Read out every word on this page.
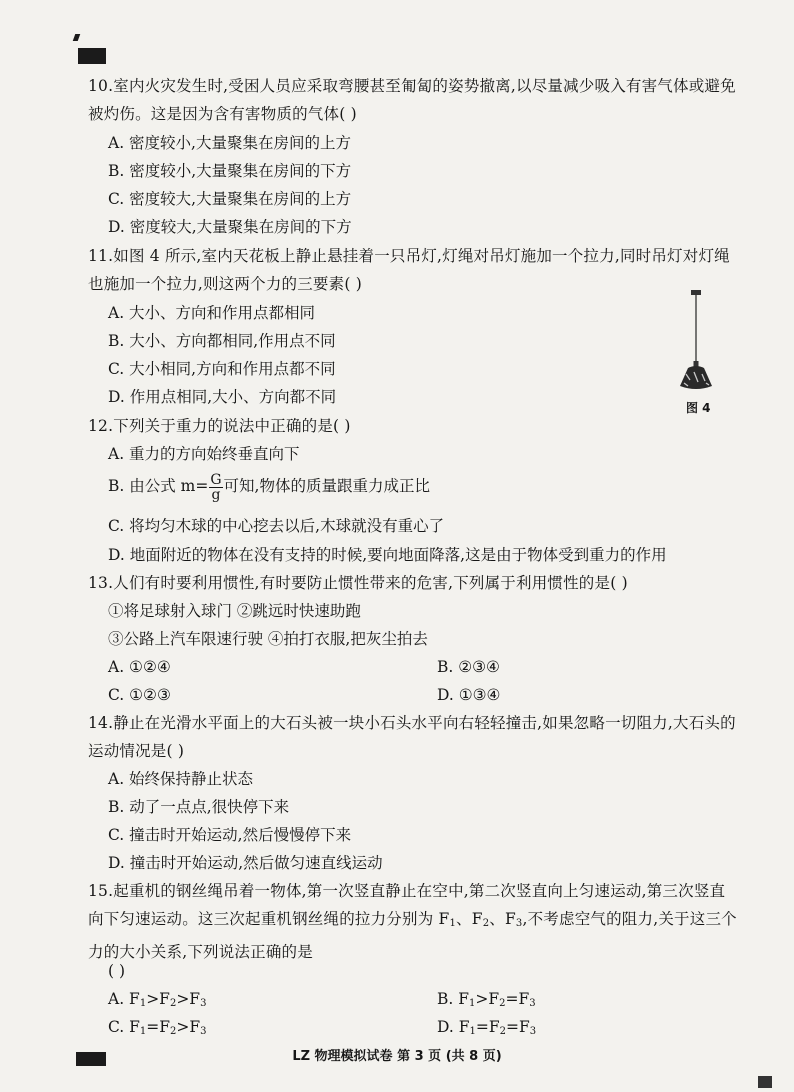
10.室内火灾发生时,受困人员应采取弯腰甚至匍匐的姿势撤离,以尽量减少吸入有害气体或避免
被灼伤。这是因为含有害物质的气体( )
A. 密度较小,大量聚集在房间的上方
B. 密度较小,大量聚集在房间的下方
C. 密度较大,大量聚集在房间的上方
D. 密度较大,大量聚集在房间的下方
11.如图 4 所示,室内天花板上静止悬挂着一只吊灯,灯绳对吊灯施加一个拉力,同时吊灯对灯绳
也施加一个拉力,则这两个力的三要素( )
A. 大小、方向和作用点都相同
B. 大小、方向都相同,作用点不同
C. 大小相同,方向和作用点都不同
D. 作用点相同,大小、方向都不同
图 4
12.下列关于重力的说法中正确的是( )
A. 重力的方向始终垂直向下
B. 由公式 $m= \frac{G}{g}$ 可知,物体的质量跟重力成正比
C. 将均匀木球的中心挖去以后,木球就没有重心了
D. 地面附近的物体在没有支持的时候,要向地面降落,这是由于物体受到重力的作用
13.人们有时要利用惯性,有时要防止惯性带来的危害,下列属于利用惯性的是( )
①将足球射入球门 ②跳远时快速助跑
③公路上汽车限速行驶 ④拍打衣服,把灰尘拍去
A. ①②④	B. ②③④
C. ①②③	D. ①③④
14.静止在光滑水平面上的大石头被一块小石头水平向右轻轻撞击,如果忽略一切阻力,大石头的
运动情况是( )
A. 始终保持静止状态
B. 动了一点点,很快停下来
C. 撞击时开始运动,然后慢慢停下来
D. 撞击时开始运动,然后做匀速直线运动
15.起重机的钢丝绳吊着一物体,第一次竖直静止在空中,第二次竖直向上匀速运动,第三次竖直
向下匀速运动。这三次起重机钢丝绳的拉力分别为 $F_1$、$F_2$、$F_3$,不考虑空气的阻力,关于这三个
力的大小关系,下列说法正确的是
( )
A. $F_1>F_2>F_3$	B. $F_1>F_2=F_3$
C. $F_1=F_2>F_3$	D. $F_1=F_2=F_3$
LZ 物理模拟试卷 第 3 页 (共 8 页)
